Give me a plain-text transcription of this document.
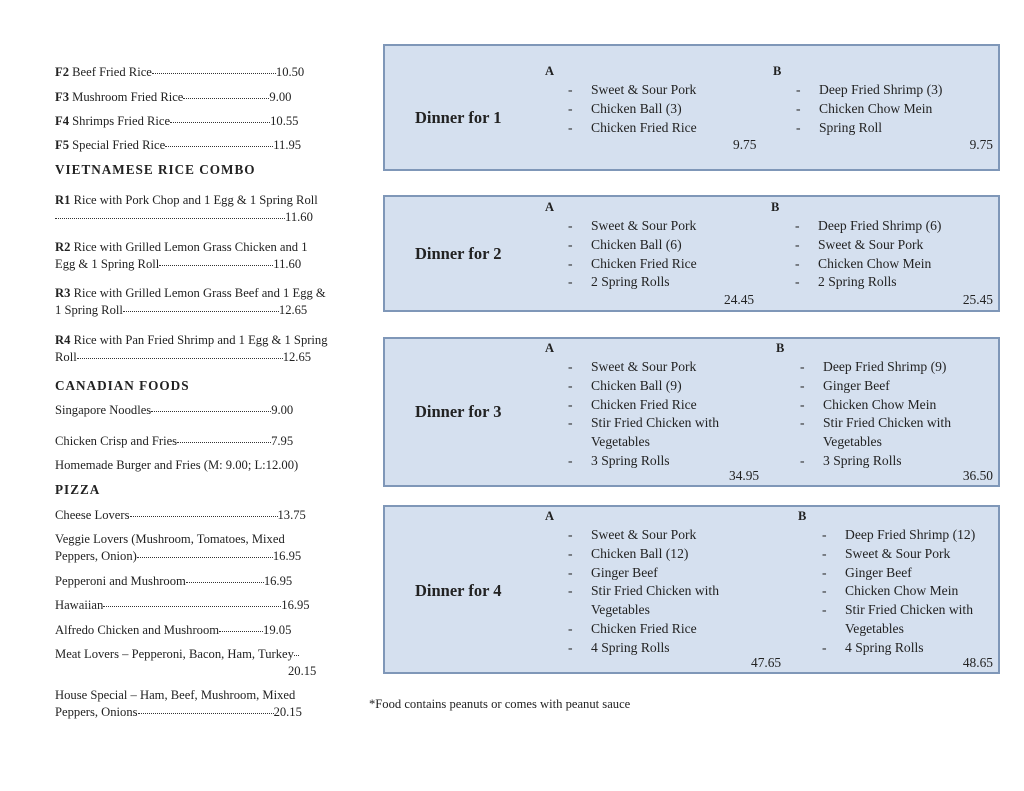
F2 Beef Fried Rice	10.50
F3 Mushroom Fried Rice	9.00
F4 Shrimps Fried Rice	10.55
F5 Special Fried Rice	11.95
VIETNAMESE RICE COMBO
R1 Rice with Pork Chop and 1 Egg & 1 Spring Roll
11.60
R2 Rice with Grilled Lemon Grass Chicken and 1
Egg & 1 Spring Roll	11.60
R3 Rice with Grilled Lemon Grass Beef and 1 Egg &
1 Spring Roll	12.65
R4 Rice with Pan Fried Shrimp and 1 Egg & 1 Spring
Roll	12.65
CANADIAN FOODS
Singapore Noodles	9.00
Chicken Crisp and Fries	7.95
Homemade Burger and Fries (M: 9.00; L:12.00)
PIZZA
Cheese Lovers	13.75
Veggie Lovers (Mushroom, Tomatoes, Mixed
Peppers, Onion)	16.95
Pepperoni and Mushroom	16.95
Hawaiian	16.95
Alfredo Chicken and Mushroom	19.05
Meat Lovers – Pepperoni, Bacon, Ham, Turkey
20.15
House Special – Ham, Beef, Mushroom, Mixed
Peppers, Onions	20.15
Dinner for 1
A
- Sweet & Sour Pork
- Chicken Ball (3)
- Chicken Fried Rice
9.75
B
- Deep Fried Shrimp (3)
- Chicken Chow Mein
- Spring Roll
9.75
Dinner for 2
A
- Sweet & Sour Pork
- Chicken Ball (6)
- Chicken Fried Rice
- 2 Spring Rolls
24.45
B
- Deep Fried Shrimp (6)
- Sweet & Sour Pork
- Chicken Chow Mein
- 2 Spring Rolls
25.45
Dinner for 3
A
- Sweet & Sour Pork
- Chicken Ball (9)
- Chicken Fried Rice
- Stir Fried Chicken with Vegetables
- 3 Spring Rolls
34.95
B
- Deep Fried Shrimp (9)
- Ginger Beef
- Chicken Chow Mein
- Stir Fried Chicken with Vegetables
- 3 Spring Rolls
36.50
Dinner for 4
A
- Sweet & Sour Pork
- Chicken Ball (12)
- Ginger Beef
- Stir Fried Chicken with Vegetables
- Chicken Fried Rice
- 4 Spring Rolls
47.65
B
- Deep Fried Shrimp (12)
- Sweet & Sour Pork
- Ginger Beef
- Chicken Chow Mein
- Stir Fried Chicken with Vegetables
- 4 Spring Rolls
48.65
*Food contains peanuts or comes with peanut sauce
